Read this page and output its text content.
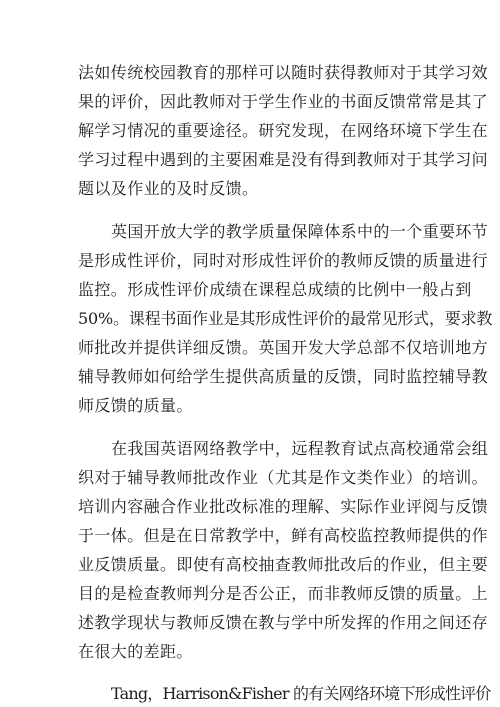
法如传统校园教育的那样可以随时获得教师对于其学习效
果的评价，因此教师对于学生作业的书面反馈常常是其了
解学习情况的重要途径。研究发现，在网络环境下学生在
学习过程中遇到的主要困难是没有得到教师对于其学习问
题以及作业的及时反馈。
英国开放大学的教学质量保障体系中的一个重要环节
是形成性评价，同时对形成性评价的教师反馈的质量进行
监控。形成性评价成绩在课程总成绩的比例中一般占到
50%。课程书面作业是其形成性评价的最常见形式，要求教
师批改并提供详细反馈。英国开发大学总部不仅培训地方
辅导教师如何给学生提供高质量的反馈，同时监控辅导教
师反馈的质量。
在我国英语网络教学中，远程教育试点高校通常会组
织对于辅导教师批改作业（尤其是作文类作业）的培训。
培训内容融合作业批改标准的理解、实际作业评阅与反馈
于一体。但是在日常教学中，鲜有高校监控教师提供的作
业反馈质量。即使有高校抽查教师批改后的作业，但主要
目的是检查教师判分是否公正，而非教师反馈的质量。上
述教学现状与教师反馈在教与学中所发挥的作用之间还存
在很大的差距。
Tang，Harrison&Fisher 的有关网络环境下形成性评价
